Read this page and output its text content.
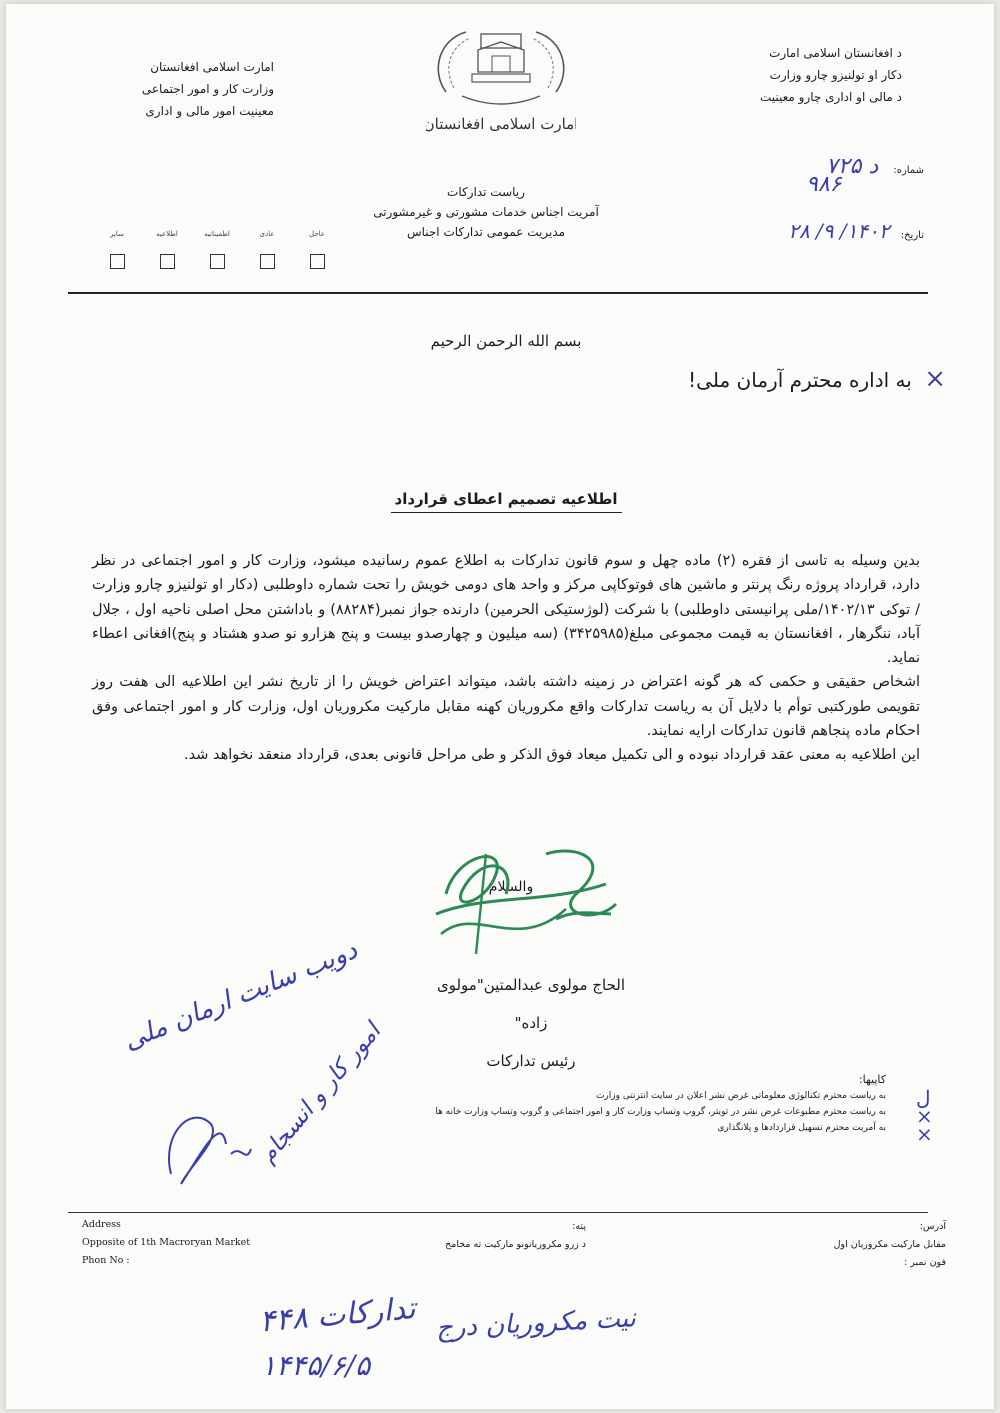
امارت اسلامی افغانستان
وزارت کار و امور اجتماعی
معینیت امور مالی و اداری
د افغانستان اسلامی امارت
دکار او تولنیزو چارو وزارت
د مالی او اداری چارو معینیت
امارت اسلامی افغانستان
ریاست تدارکات
آمریت اجناس خدمات مشورتی و غیرمشورتی
مدیریت عمومی تدارکات اجناس
شماره: د ۷۲۵
۹۸۶
تاریخ: ۱۴۰۲/ ۹/ ۲۸
عاجل
عادی
اطمینانیه
اطلاعیه
سایر
بسم الله الرحمن الرحیم
× به اداره محترم آرمان ملی!
اطلاعیه تصمیم اعطای قرارداد

بدین وسیله به تاسی از فقره (۲) ماده چهل و سوم قانون تدارکات به اطلاع عموم رسانیده میشود، وزارت کار و امور اجتماعی در نظر دارد، قرارداد پروژه رنگ پرنتر و ماشین های فوتوکاپی مرکز و واحد های دومی خویش را تحت شماره داوطلبی (دکار او تولنیزو چارو وزارت / توکی ۱۴۰۲/۱۳/ملی پرانیستی داوطلبی) با شرکت (لوژستیکی الحرمین) دارنده جواز نمبر(۸۸۲۸۴) و باداشتن محل اصلی ناحیه اول ، جلال آباد، ننگرهار ، افغانستان به قیمت مجموعی مبلغ(۳۴۲۵۹۸۵) (سه میلیون و چهارصدو بیست و پنج هزارو نو صدو هشتاد و پنج)افغانی اعطاء نماید.

اشخاص حقیقی و حکمی که هر گونه اعتراض در زمینه داشته باشد، میتواند اعتراض خویش را از تاریخ نشر این اطلاعیه الی هفت روز تقویمی طورکتبی توأم با دلایل آن به ریاست تدارکات واقع مکروریان کهنه مقابل مارکیت مکروریان اول، وزارت کار و امور اجتماعی وفق احکام ماده پنجاهم قانون تدارکات ارایه نمایند.

این اطلاعیه به معنی عقد قرارداد نبوده و الی تکمیل میعاد فوق الذکر و طی مراحل قانونی بعدی، قرارداد منعقد نخواهد شد.

والسلام
الحاج مولوی عبدالمتین"مولوی زاده"
رئیس تدارکات
دویب سایت ارمان ملی
امور کار و انسجام	کاپیها:
به ریاست محترم تکنالوژی معلوماتی غرض نشر اعلان در سایت انترنتی وزارت
به ریاست محترم مطبوعات غرض نشر در تویتر، گروپ وتساپ وزارت کار و امور اجتماعی و گروپ وتساپ وزارت خانه ها
به آمریت محترم تسهیل قراردادها و پلانگذاری
ﻝ
×
×
Address
Opposite of 1th Macroryan Market
Phon No :
پته:
د زرو مکروریانونو مارکیت ته مخامخ
آدرس:
مقابل مارکیت مکروریان اول
فون نمبر :
تدارکات ۴۴۸ نیت مکروریان درج
۱۴۴۵/۶/۵
